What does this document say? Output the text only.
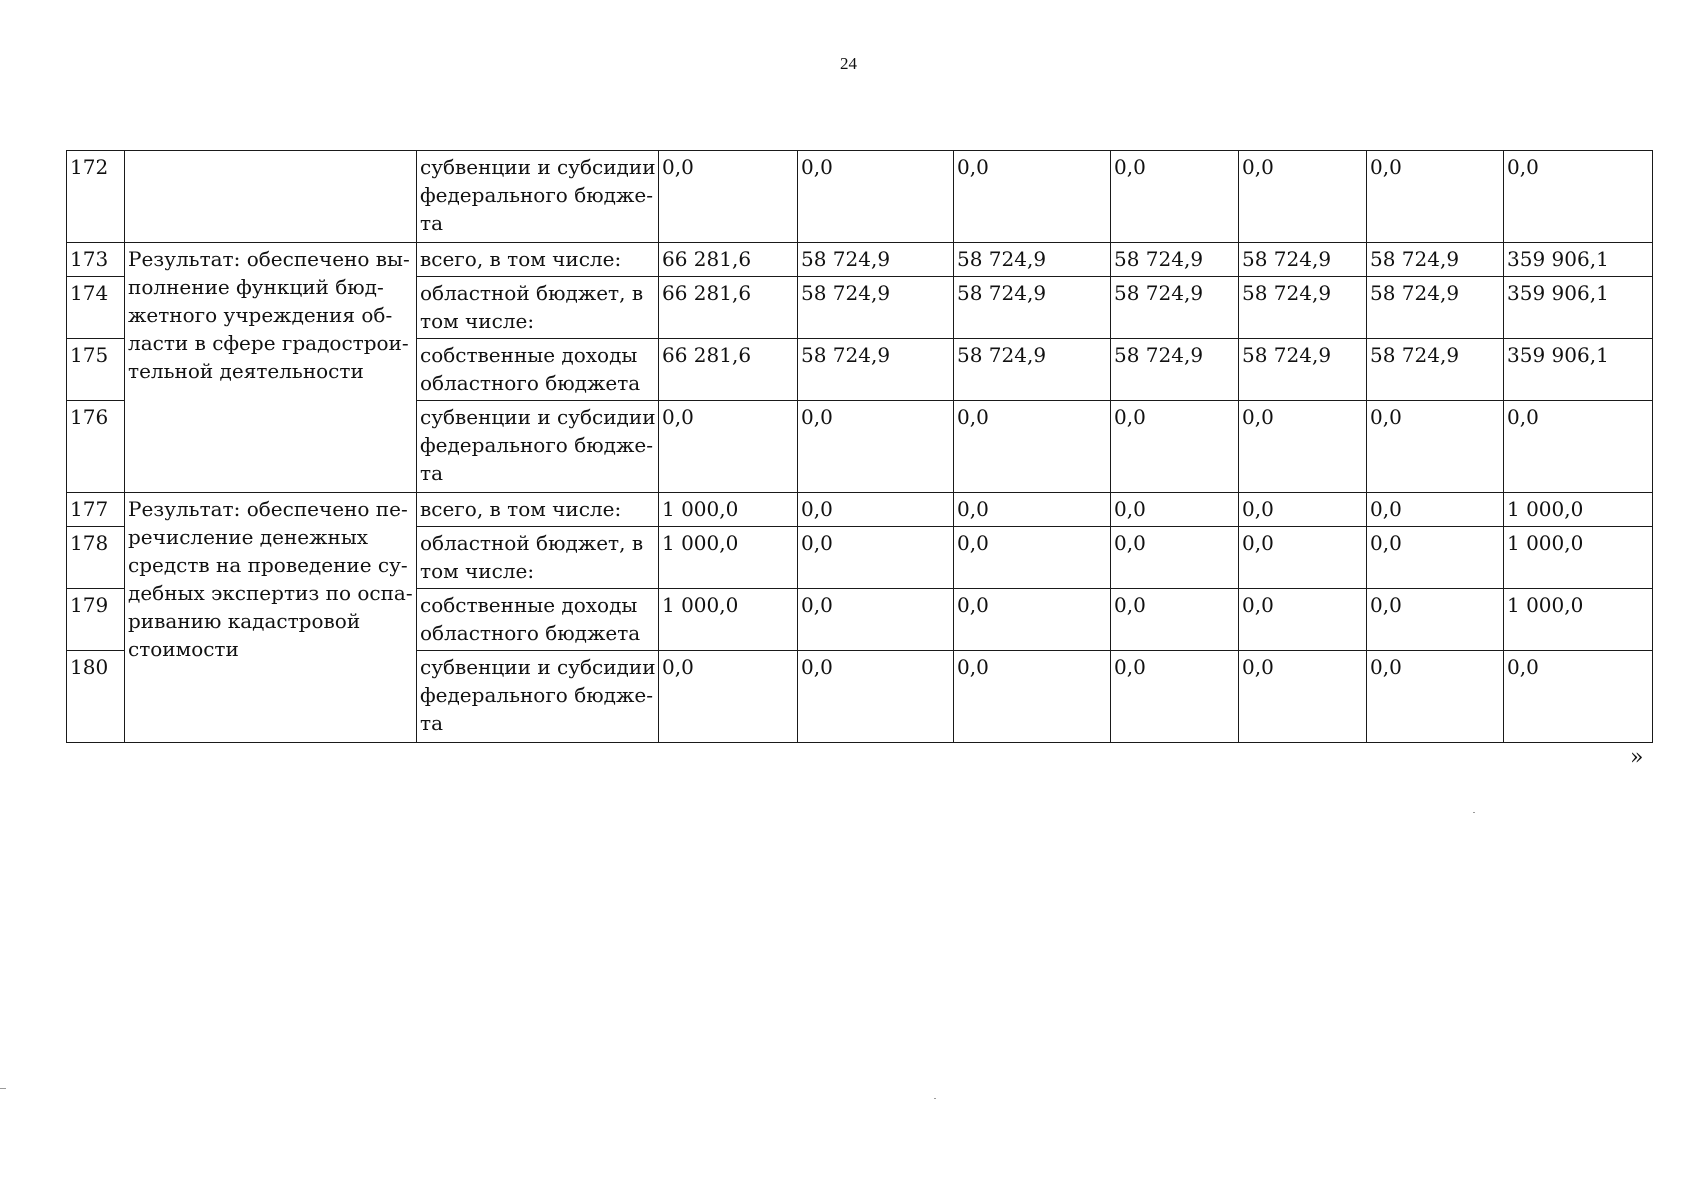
24
172		субвенции и субсидии федерального бюдже-та	0,0	0,0	0,0	0,0	0,0	0,0	0,0
173	Результат: обеспечено вы-полнение функций бюд-жетного учреждения об-ласти в сфере градострои-тельной деятельности	всего, в том числе:	66 281,6	58 724,9	58 724,9	58 724,9	58 724,9	58 724,9	359 906,1
174		областной бюджет, в том числе:	66 281,6	58 724,9	58 724,9	58 724,9	58 724,9	58 724,9	359 906,1
175		собственные доходы областного бюджета	66 281,6	58 724,9	58 724,9	58 724,9	58 724,9	58 724,9	359 906,1
176		субвенции и субсидии федерального бюдже-та	0,0	0,0	0,0	0,0	0,0	0,0	0,0
177	Результат: обеспечено пе-речисление денежных средств на проведение су-дебных экспертиз по оспа-риванию кадастровой стоимости	всего, в том числе:	1 000,0	0,0	0,0	0,0	0,0	0,0	1 000,0
178		областной бюджет, в том числе:	1 000,0	0,0	0,0	0,0	0,0	0,0	1 000,0
179		собственные доходы областного бюджета	1 000,0	0,0	0,0	0,0	0,0	0,0	1 000,0
180		субвенции и субсидии федерального бюдже-та	0,0	0,0	0,0	0,0	0,0	0,0	0,0
»
